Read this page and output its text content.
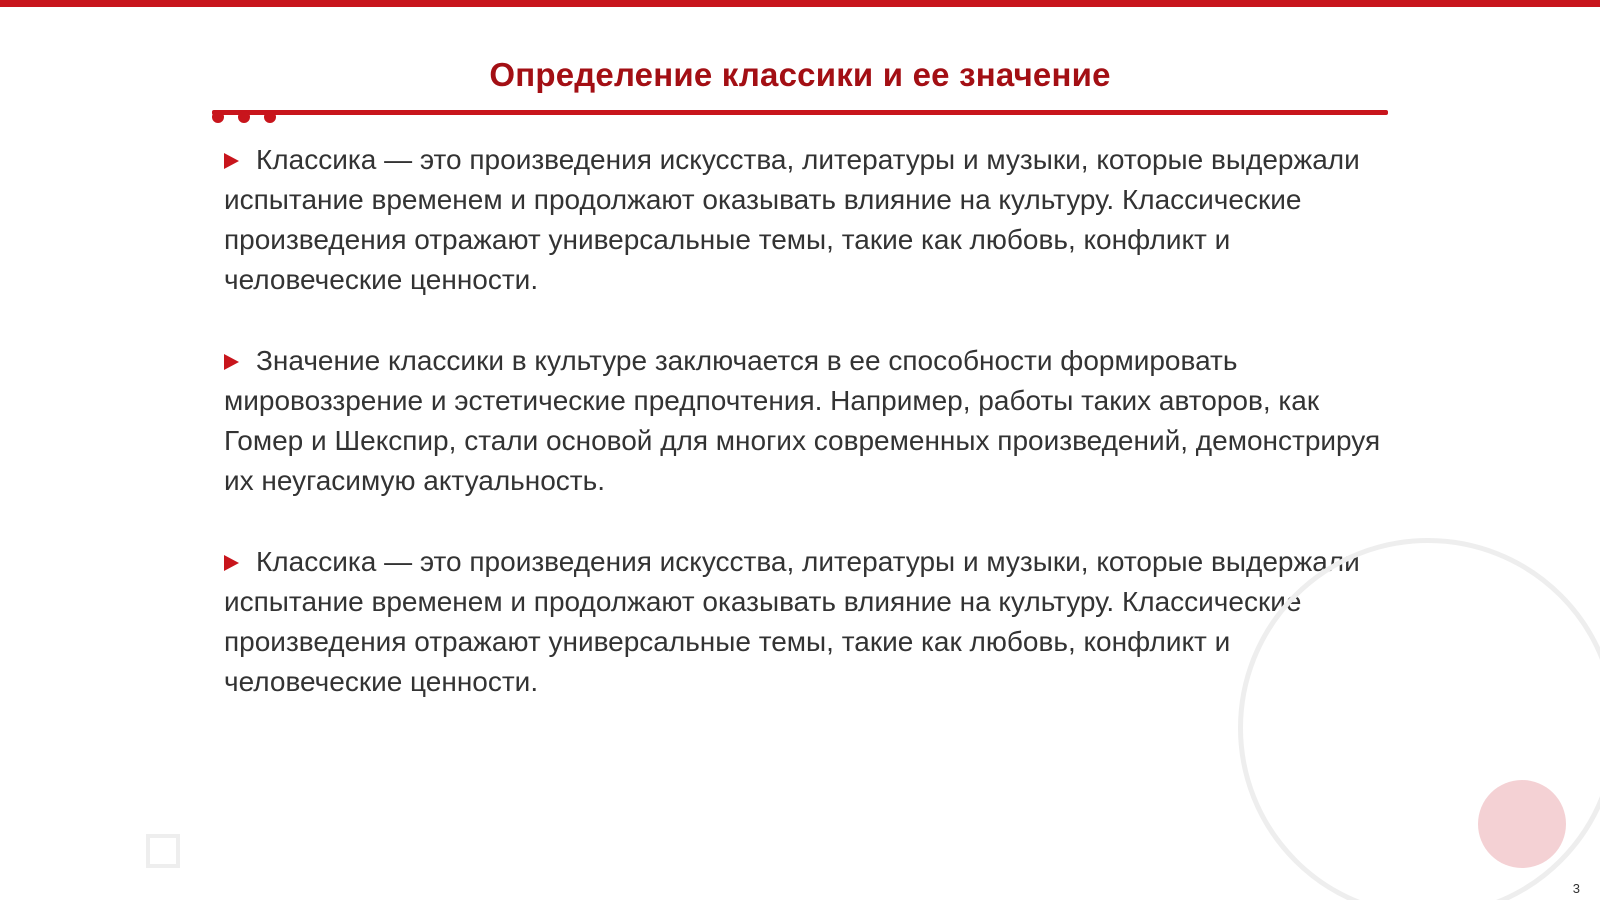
Определение классики и ее значение

Классика — это произведения искусства, литературы и музыки, которые выдержали испытание временем и продолжают оказывать влияние на культуру. Классические произведения отражают универсальные темы, такие как любовь, конфликт и человеческие ценности.

Значение классики в культуре заключается в ее способности формировать мировоззрение и эстетические предпочтения. Например, работы таких авторов, как Гомер и Шекспир, стали основой для многих современных произведений, демонстрируя их неугасимую актуальность.

Классика — это произведения искусства, литературы и музыки, которые выдержали испытание временем и продолжают оказывать влияние на культуру. Классические произведения отражают универсальные темы, такие как любовь, конфликт и человеческие ценности.

3
